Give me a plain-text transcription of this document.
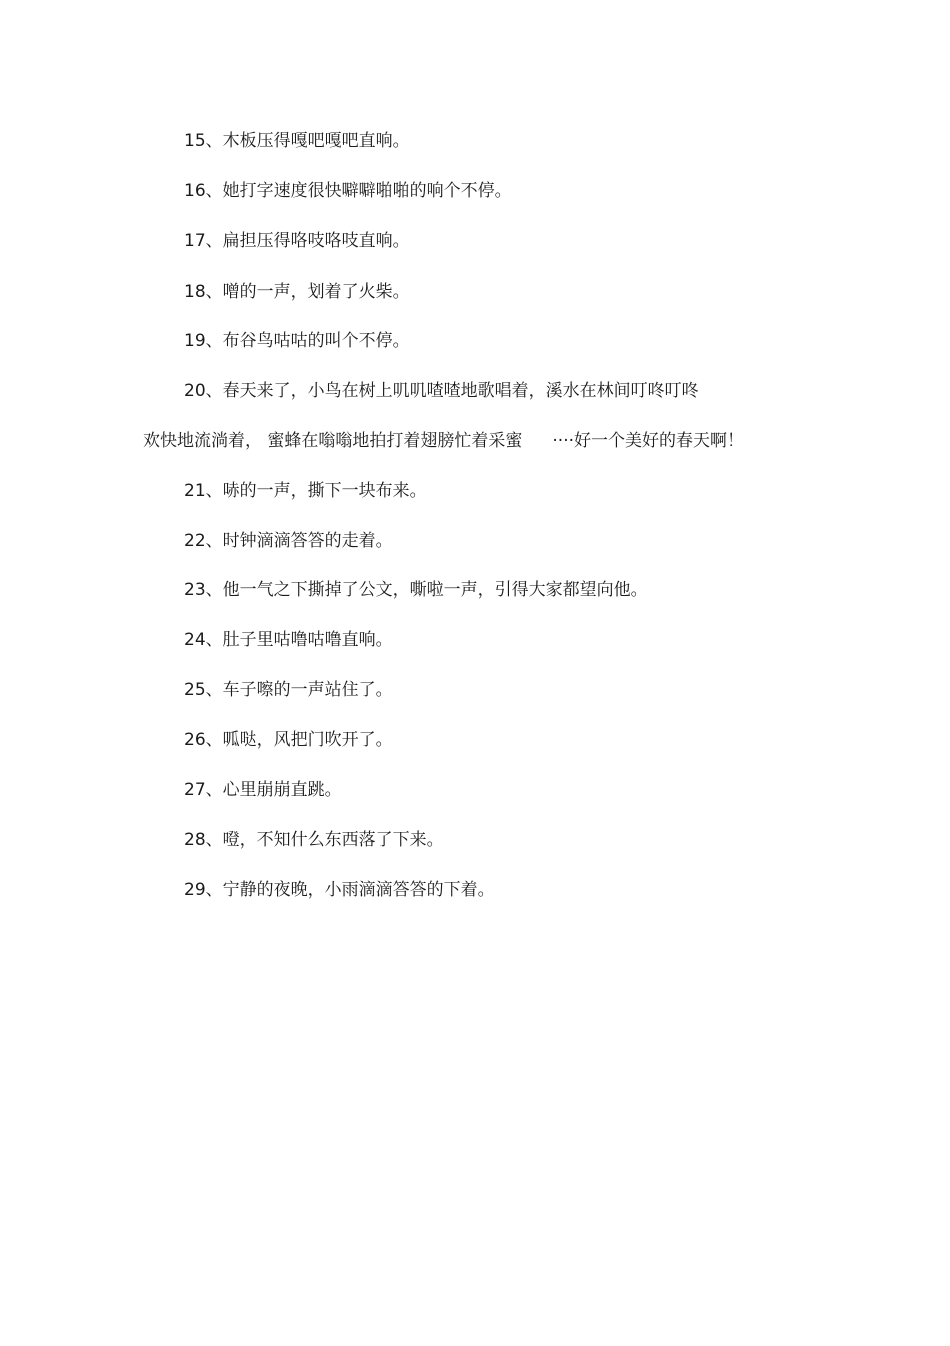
15、木板压得嘎吧嘎吧直响。
16、她打字速度很快噼噼啪啪的响个不停。
17、扁担压得咯吱咯吱直响。
18、噌的一声，划着了火柴。
19、布谷鸟咕咕的叫个不停。
20、春天来了，小鸟在树上叽叽喳喳地歌唱着，溪水在林间叮咚叮咚
欢快地流淌着， 蜜蜂在嗡嗡地拍打着翅膀忙着采蜜 ····好一个美好的春天啊！
21、哧的一声，撕下一块布来。
22、时钟滴滴答答的走着。
23、他一气之下撕掉了公文，嘶啦一声，引得大家都望向他。
24、肚子里咕噜咕噜直响。
25、车子嚓的一声站住了。
26、呱哒，风把门吹开了。
27、心里崩崩直跳。
28、噔，不知什么东西落了下来。
29、宁静的夜晚，小雨滴滴答答的下着。
